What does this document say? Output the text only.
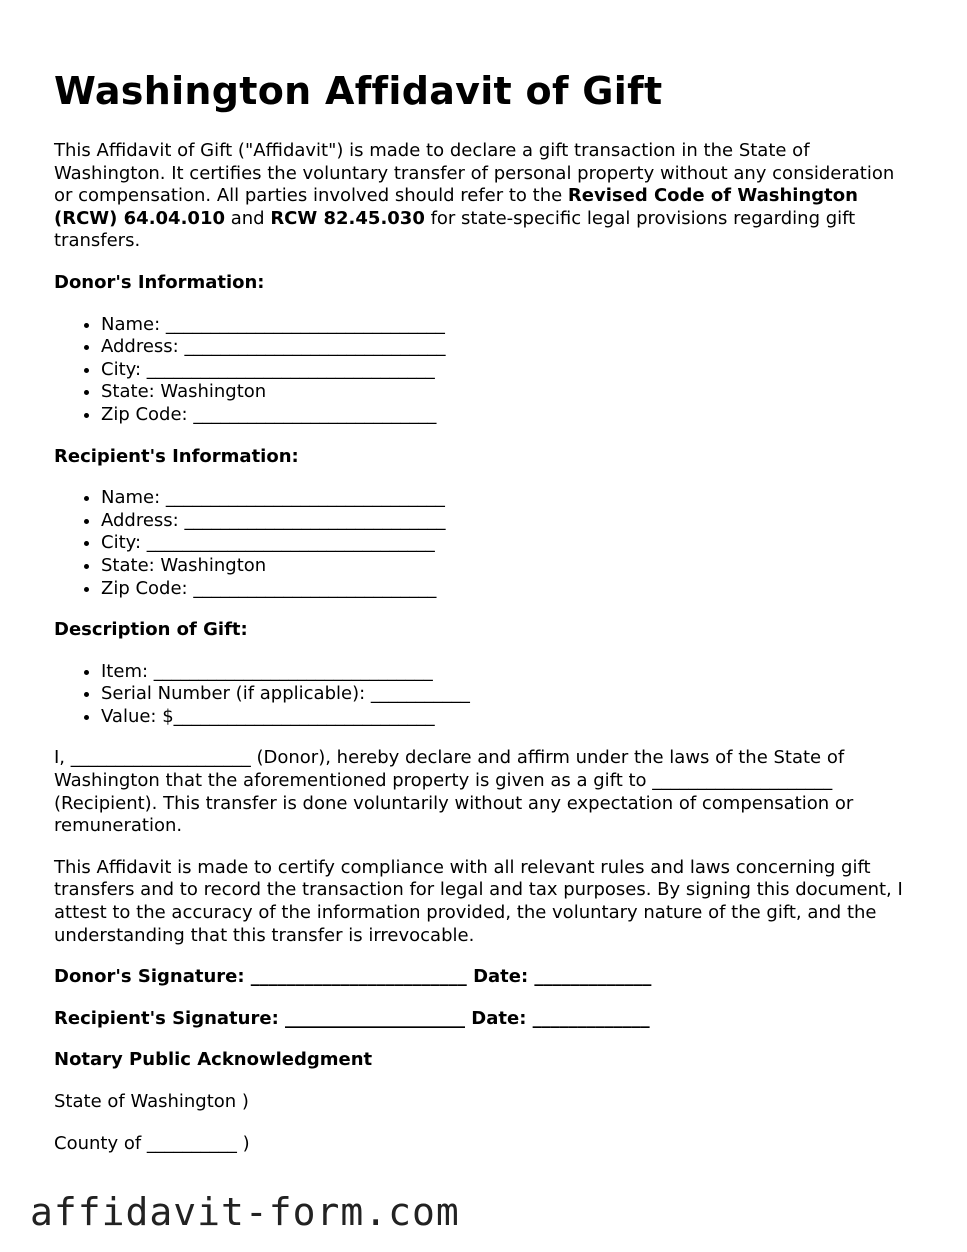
Washington Affidavit of Gift

This Affidavit of Gift ("Affidavit") is made to declare a gift transaction in the State of Washington. It certifies the voluntary transfer of personal property without any consideration or compensation. All parties involved should refer to the Revised Code of Washington (RCW) 64.04.010 and RCW 82.45.030 for state-specific legal provisions regarding gift transfers.

Donor's Information:
• Name: _______________________________
• Address: _____________________________
• City: ________________________________
• State: Washington
• Zip Code: ___________________________
Recipient's Information:
• Name: _______________________________
• Address: _____________________________
• City: ________________________________
• State: Washington
• Zip Code: ___________________________
Description of Gift:
• Item: _______________________________
• Serial Number (if applicable): ___________
• Value: $_____________________________

I, ____________________ (Donor), hereby declare and affirm under the laws of the State of Washington that the aforementioned property is given as a gift to ____________________ (Recipient). This transfer is done voluntarily without any expectation of compensation or remuneration.

This Affidavit is made to certify compliance with all relevant rules and laws concerning gift transfers and to record the transaction for legal and tax purposes. By signing this document, I attest to the accuracy of the information provided, the voluntary nature of the gift, and the understanding that this transfer is irrevocable.

Donor's Signature: ________________________ Date: _____________
Recipient's Signature: ____________________ Date: _____________
Notary Public Acknowledgment

State of Washington )

County of __________ )

affidavit-form.com
